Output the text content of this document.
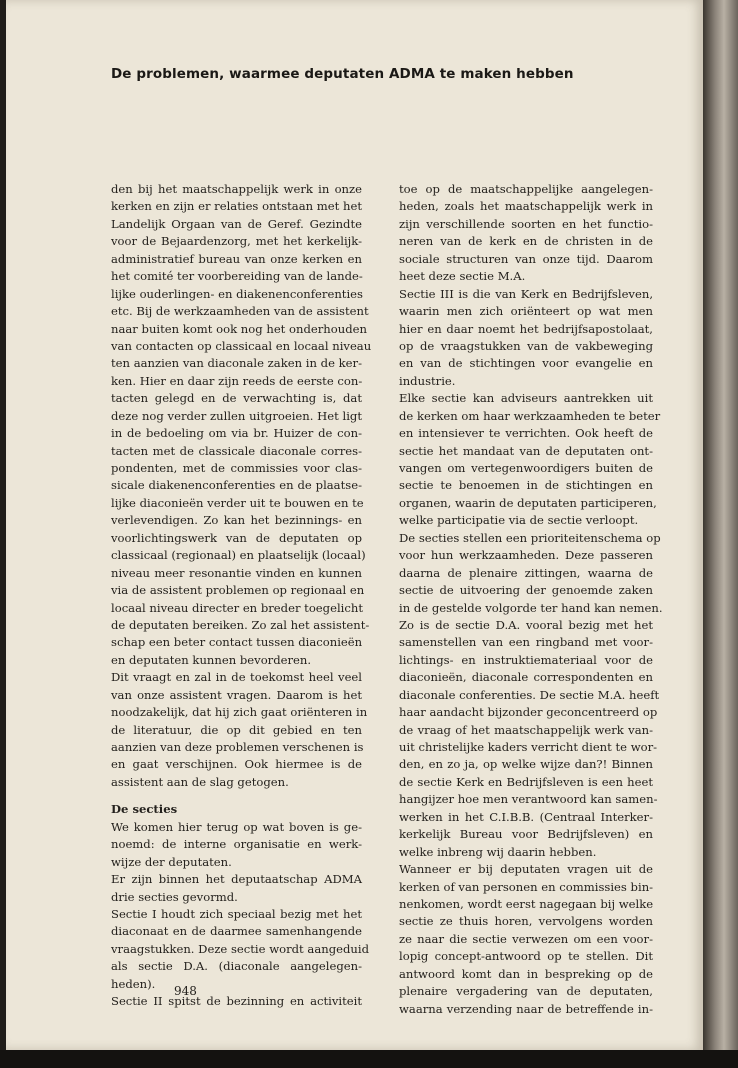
De problemen, waarmee deputaten ADMA te maken hebben
den bij het maatschappelijk werk in onze
kerken en zijn er relaties ontstaan met het
Landelijk Orgaan van de Geref. Gezindte
voor de Bejaardenzorg, met het kerkelijk-
administratief bureau van onze kerken en
het comité ter voorbereiding van de lande-
lijke ouderlingen- en diakenenconferenties
etc. Bij de werkzaamheden van de assistent
naar buiten komt ook nog het onderhouden
van contacten op classicaal en locaal niveau
ten aanzien van diaconale zaken in de ker-
ken. Hier en daar zijn reeds de eerste con-
tacten gelegd en de verwachting is, dat
deze nog verder zullen uitgroeien. Het ligt
in de bedoeling om via br. Huizer de con-
tacten met de classicale diaconale corres-
pondenten, met de commissies voor clas-
sicale diakenenconferenties en de plaatse-
lijke diaconieën verder uit te bouwen en te
verlevendigen. Zo kan het bezinnings- en
voorlichtingswerk van de deputaten op
classicaal (regionaal) en plaatselijk (locaal)
niveau meer resonantie vinden en kunnen
via de assistent problemen op regionaal en
locaal niveau directer en breder toegelicht
de deputaten bereiken. Zo zal het assistent-
schap een beter contact tussen diaconieën
en deputaten kunnen bevorderen.
Dit vraagt en zal in de toekomst heel veel
van onze assistent vragen. Daarom is het
noodzakelijk, dat hij zich gaat oriënteren in
de literatuur, die op dit gebied en ten
aanzien van deze problemen verschenen is
en gaat verschijnen. Ook hiermee is de
assistent aan de slag getogen.
De secties
We komen hier terug op wat boven is ge-
noemd: de interne organisatie en werk-
wijze der deputaten.
Er zijn binnen het deputaatschap ADMA
drie secties gevormd.
Sectie I houdt zich speciaal bezig met het
diaconaat en de daarmee samenhangende
vraagstukken. Deze sectie wordt aangeduid
als sectie D.A. (diaconale aangelegen-
heden).
Sectie II spitst de bezinning en activiteit
toe op de maatschappelijke aangelegen-
heden, zoals het maatschappelijk werk in
zijn verschillende soorten en het functio-
neren van de kerk en de christen in de
sociale structuren van onze tijd. Daarom
heet deze sectie M.A.
Sectie III is die van Kerk en Bedrijfsleven,
waarin men zich oriënteert op wat men
hier en daar noemt het bedrijfsapostolaat,
op de vraagstukken van de vakbeweging
en van de stichtingen voor evangelie en
industrie.
Elke sectie kan adviseurs aantrekken uit
de kerken om haar werkzaamheden te beter
en intensiever te verrichten. Ook heeft de
sectie het mandaat van de deputaten ont-
vangen om vertegenwoordigers buiten de
sectie te benoemen in de stichtingen en
organen, waarin de deputaten participeren,
welke participatie via de sectie verloopt.
De secties stellen een prioriteitenschema op
voor hun werkzaamheden. Deze passeren
daarna de plenaire zittingen, waarna de
sectie de uitvoering der genoemde zaken
in de gestelde volgorde ter hand kan nemen.
Zo is de sectie D.A. vooral bezig met het
samenstellen van een ringband met voor-
lichtings- en instruktiemateriaal voor de
diaconieën, diaconale correspondenten en
diaconale conferenties. De sectie M.A. heeft
haar aandacht bijzonder geconcentreerd op
de vraag of het maatschappelijk werk van-
uit christelijke kaders verricht dient te wor-
den, en zo ja, op welke wijze dan?! Binnen
de sectie Kerk en Bedrijfsleven is een heet
hangijzer hoe men verantwoord kan samen-
werken in het C.I.B.B. (Centraal Interker-
kerkelijk Bureau voor Bedrijfsleven) en
welke inbreng wij daarin hebben.
Wanneer er bij deputaten vragen uit de
kerken of van personen en commissies bin-
nenkomen, wordt eerst nagegaan bij welke
sectie ze thuis horen, vervolgens worden
ze naar die sectie verwezen om een voor-
lopig concept-antwoord op te stellen. Dit
antwoord komt dan in bespreking op de
plenaire vergadering van de deputaten,
waarna verzending naar de betreffende in-
948
